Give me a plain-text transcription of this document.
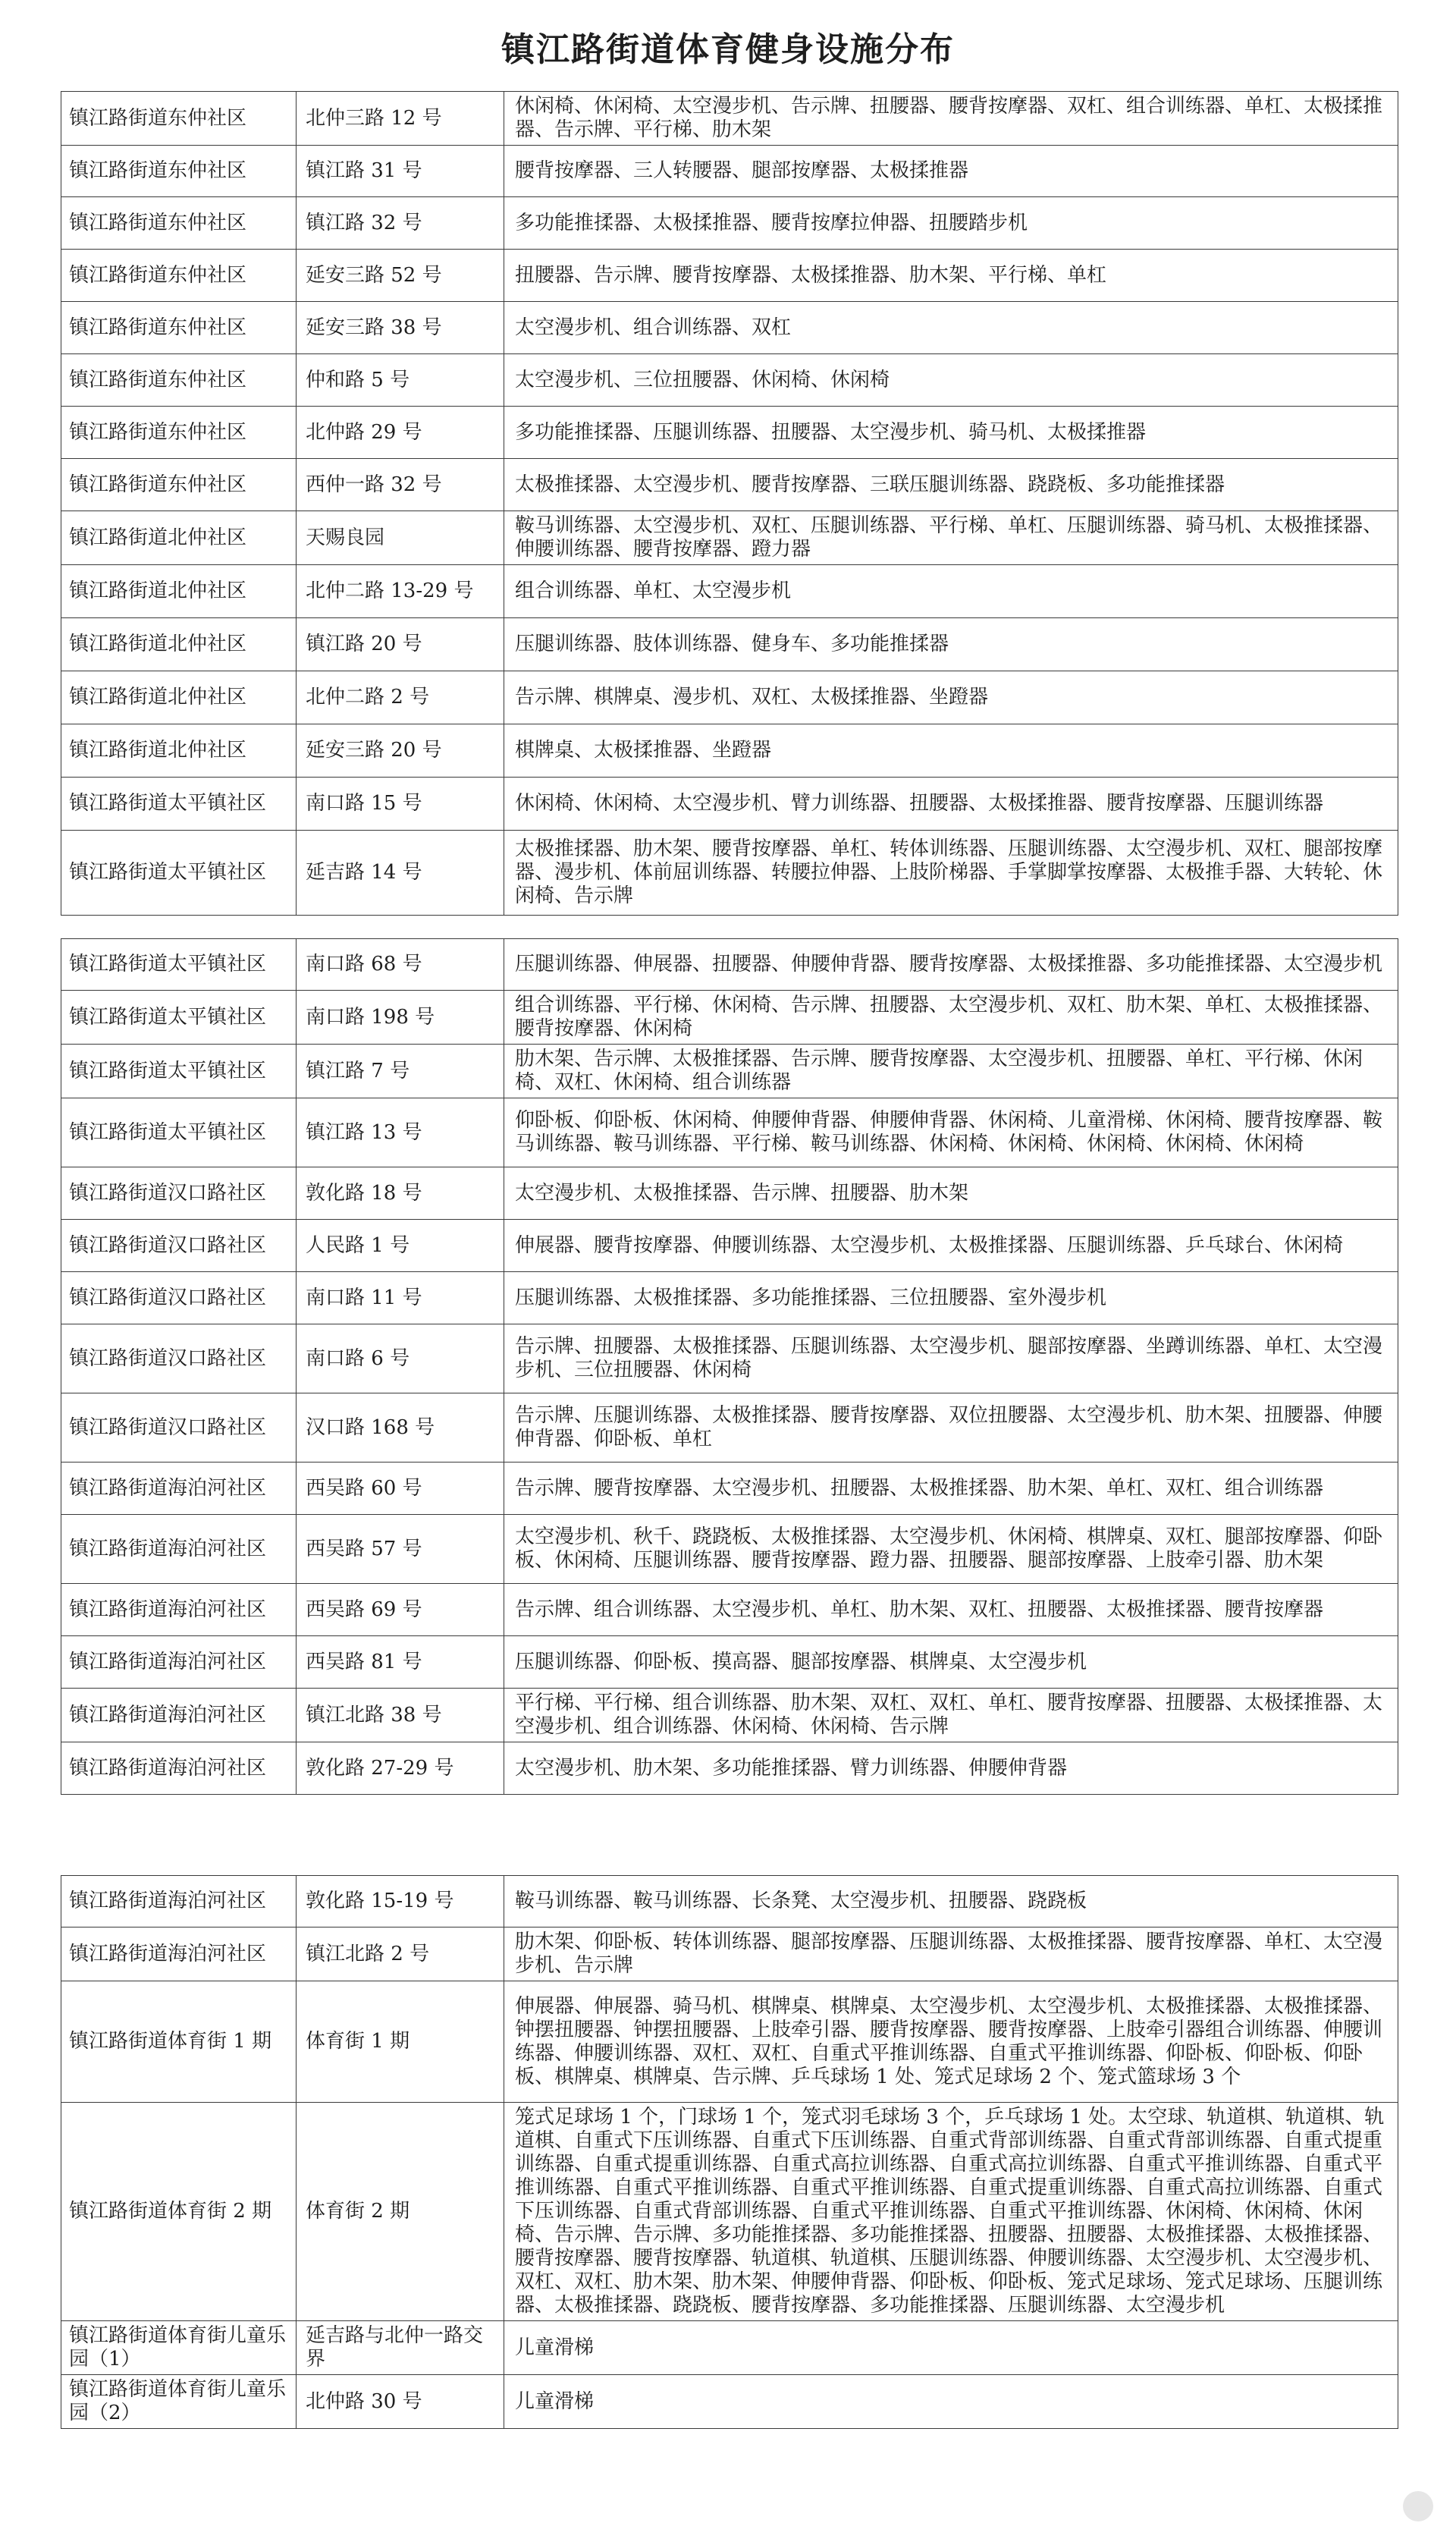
镇江路街道体育健身设施分布
镇江路街道东仲社区	北仲三路 12 号	休闲椅、休闲椅、太空漫步机、告示牌、扭腰器、腰背按摩器、双杠、组合训练器、单杠、太极揉推器、告示牌、平行梯、肋木架
镇江路街道东仲社区	镇江路 31 号	腰背按摩器、三人转腰器、腿部按摩器、太极揉推器
镇江路街道东仲社区	镇江路 32 号	多功能推揉器、太极揉推器、腰背按摩拉伸器、扭腰踏步机
镇江路街道东仲社区	延安三路 52 号	扭腰器、告示牌、腰背按摩器、太极揉推器、肋木架、平行梯、单杠
镇江路街道东仲社区	延安三路 38 号	太空漫步机、组合训练器、双杠
镇江路街道东仲社区	仲和路 5 号	太空漫步机、三位扭腰器、休闲椅、休闲椅
镇江路街道东仲社区	北仲路 29 号	多功能推揉器、压腿训练器、扭腰器、太空漫步机、骑马机、太极揉推器
镇江路街道东仲社区	西仲一路 32 号	太极推揉器、太空漫步机、腰背按摩器、三联压腿训练器、跷跷板、多功能推揉器
镇江路街道北仲社区	天赐良园	鞍马训练器、太空漫步机、双杠、压腿训练器、平行梯、单杠、压腿训练器、骑马机、太极推揉器、伸腰训练器、腰背按摩器、蹬力器
镇江路街道北仲社区	北仲二路 13-29 号	组合训练器、单杠、太空漫步机
镇江路街道北仲社区	镇江路 20 号	压腿训练器、肢体训练器、健身车、多功能推揉器
镇江路街道北仲社区	北仲二路 2 号	告示牌、棋牌桌、漫步机、双杠、太极揉推器、坐蹬器
镇江路街道北仲社区	延安三路 20 号	棋牌桌、太极揉推器、坐蹬器
镇江路街道太平镇社区	南口路 15 号	休闲椅、休闲椅、太空漫步机、臂力训练器、扭腰器、太极揉推器、腰背按摩器、压腿训练器
镇江路街道太平镇社区	延吉路 14 号	太极推揉器、肋木架、腰背按摩器、单杠、转体训练器、压腿训练器、太空漫步机、双杠、腿部按摩器、漫步机、体前屈训练器、转腰拉伸器、上肢阶梯器、手掌脚掌按摩器、太极推手器、大转轮、休闲椅、告示牌
镇江路街道太平镇社区	南口路 68 号	压腿训练器、伸展器、扭腰器、伸腰伸背器、腰背按摩器、太极揉推器、多功能推揉器、太空漫步机
镇江路街道太平镇社区	南口路 198 号	组合训练器、平行梯、休闲椅、告示牌、扭腰器、太空漫步机、双杠、肋木架、单杠、太极推揉器、腰背按摩器、休闲椅
镇江路街道太平镇社区	镇江路 7 号	肋木架、告示牌、太极推揉器、告示牌、腰背按摩器、太空漫步机、扭腰器、单杠、平行梯、休闲椅、双杠、休闲椅、组合训练器
镇江路街道太平镇社区	镇江路 13 号	仰卧板、仰卧板、休闲椅、伸腰伸背器、伸腰伸背器、休闲椅、儿童滑梯、休闲椅、腰背按摩器、鞍马训练器、鞍马训练器、平行梯、鞍马训练器、休闲椅、休闲椅、休闲椅、休闲椅、休闲椅
镇江路街道汉口路社区	敦化路 18 号	太空漫步机、太极推揉器、告示牌、扭腰器、肋木架
镇江路街道汉口路社区	人民路 1 号	伸展器、腰背按摩器、伸腰训练器、太空漫步机、太极推揉器、压腿训练器、乒乓球台、休闲椅
镇江路街道汉口路社区	南口路 11 号	压腿训练器、太极推揉器、多功能推揉器、三位扭腰器、室外漫步机
镇江路街道汉口路社区	南口路 6 号	告示牌、扭腰器、太极推揉器、压腿训练器、太空漫步机、腿部按摩器、坐蹲训练器、单杠、太空漫步机、三位扭腰器、休闲椅
镇江路街道汉口路社区	汉口路 168 号	告示牌、压腿训练器、太极推揉器、腰背按摩器、双位扭腰器、太空漫步机、肋木架、扭腰器、伸腰伸背器、仰卧板、单杠
镇江路街道海泊河社区	西吴路 60 号	告示牌、腰背按摩器、太空漫步机、扭腰器、太极推揉器、肋木架、单杠、双杠、组合训练器
镇江路街道海泊河社区	西吴路 57 号	太空漫步机、秋千、跷跷板、太极推揉器、太空漫步机、休闲椅、棋牌桌、双杠、腿部按摩器、仰卧板、休闲椅、压腿训练器、腰背按摩器、蹬力器、扭腰器、腿部按摩器、上肢牵引器、肋木架
镇江路街道海泊河社区	西吴路 69 号	告示牌、组合训练器、太空漫步机、单杠、肋木架、双杠、扭腰器、太极推揉器、腰背按摩器
镇江路街道海泊河社区	西吴路 81 号	压腿训练器、仰卧板、摸高器、腿部按摩器、棋牌桌、太空漫步机
镇江路街道海泊河社区	镇江北路 38 号	平行梯、平行梯、组合训练器、肋木架、双杠、双杠、单杠、腰背按摩器、扭腰器、太极揉推器、太空漫步机、组合训练器、休闲椅、休闲椅、告示牌
镇江路街道海泊河社区	敦化路 27-29 号	太空漫步机、肋木架、多功能推揉器、臂力训练器、伸腰伸背器
镇江路街道海泊河社区	敦化路 15-19 号	鞍马训练器、鞍马训练器、长条凳、太空漫步机、扭腰器、跷跷板
镇江路街道海泊河社区	镇江北路 2 号	肋木架、仰卧板、转体训练器、腿部按摩器、压腿训练器、太极推揉器、腰背按摩器、单杠、太空漫步机、告示牌
镇江路街道体育街 1 期	体育街 1 期	伸展器、伸展器、骑马机、棋牌桌、棋牌桌、太空漫步机、太空漫步机、太极推揉器、太极推揉器、钟摆扭腰器、钟摆扭腰器、上肢牵引器、腰背按摩器、腰背按摩器、上肢牵引器组合训练器、伸腰训练器、伸腰训练器、双杠、双杠、自重式平推训练器、自重式平推训练器、仰卧板、仰卧板、仰卧板、棋牌桌、棋牌桌、告示牌、乒乓球场 1 处、笼式足球场 2 个、笼式篮球场 3 个
镇江路街道体育街 2 期	体育街 2 期	笼式足球场 1 个，门球场 1 个，笼式羽毛球场 3 个，乒乓球场 1 处。太空球、轨道棋、轨道棋、轨道棋、自重式下压训练器、自重式下压训练器、自重式背部训练器、自重式背部训练器、自重式提重训练器、自重式提重训练器、自重式高拉训练器、自重式高拉训练器、自重式平推训练器、自重式平推训练器、自重式平推训练器、自重式平推训练器、自重式提重训练器、自重式高拉训练器、自重式下压训练器、自重式背部训练器、自重式平推训练器、自重式平推训练器、休闲椅、休闲椅、休闲椅、告示牌、告示牌、多功能推揉器、多功能推揉器、扭腰器、扭腰器、太极推揉器、太极推揉器、腰背按摩器、腰背按摩器、轨道棋、轨道棋、压腿训练器、伸腰训练器、太空漫步机、太空漫步机、双杠、双杠、肋木架、肋木架、伸腰伸背器、仰卧板、仰卧板、笼式足球场、笼式足球场、压腿训练器、太极推揉器、跷跷板、腰背按摩器、多功能推揉器、压腿训练器、太空漫步机
镇江路街道体育街儿童乐园（1）	延吉路与北仲一路交界	儿童滑梯
镇江路街道体育街儿童乐园（2）	北仲路 30 号	儿童滑梯
